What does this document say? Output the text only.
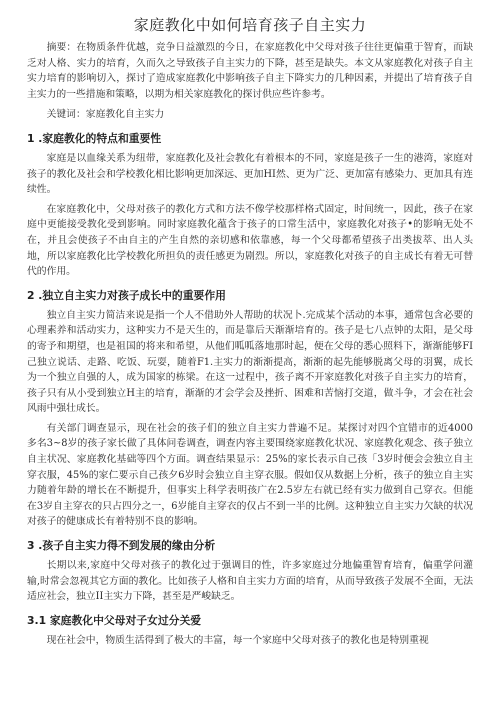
家庭教化中如何培育孩子自主实力

摘要：在物质条件优越，竞争日益激烈的今日，在家庭教化中父母对孩子往往更偏重于智育，而缺乏对人格、实力的培育，久而久之导致孩子自主实力的下降，甚至是缺失。本文从家庭教化对孩子自主实力培育的影响切入，探讨了造成家庭教化中影响孩子自主下降实力的几种因素，并提出了培育孩子自主实力的一些措施和策略，以期为相关家庭教化的探讨供应些许参考。

关键词：家庭教化自主实力

1 .家庭教化的特点和重要性

家庭是以血缘关系为纽带，家庭教化及社会教化有着根本的不同，家庭是孩子一生的港湾，家庭对孩子的教化及社会和学校教化相比影响更加深远、更加HI然、更为广泛、更加富有感染力、更加具有连续性。

在家庭教化中，父母对孩子的教化方式和方法不像学校那样格式固定，时间统一，因此，孩子在家庭中更能接受教化受到影响。同时家庭教化蕴含于孩子的口常生活中，家庭教化对孩子•的影响无处不在，并且会使孩子不由自主的产生自然的亲切感和依靠感，每一个父母都希望孩子出类拔萃、出人头地，所以家庭教化比学校教化所担负的责任感更为剧烈。所以，家庭教化对孩子的自主成长有着无可替代的作用。

2 .独立自主实力对孩子成长中的重要作用

独立自主实力简洁来说是指一个人不借助外人帮助的状况卜.完成某个活动的本事，通常包含必要的心理素养和活动实力，这种实力不是天生的，而是靠后天渐渐培育的。孩子是七八点钟的太阳，是父母的寄予和期望，也是祖国的将来和希望，从他们呱呱落地那时起，便在父母的悉心照料下，渐渐能够FI己独立说话、走路、吃饭、玩耍，随着F1.主实力的渐渐提高，渐渐的起先能够脱离父母的羽翼，成长为一个独立自强的人，成为国家的栋梁。在这一过程中，孩子离不开家庭教化对孩子自主实力的培育，孩子只有从小受到独立H主的培育，渐渐的才会学会及挫折、困难和苦恼打交道，做斗争，才会在社会风雨中强壮成长。

有关部门调查显示，现在社会的孩子们的独立自主实力普遍不足。某探讨对四个宜错市的近4000多名3~8岁的孩子家长做了具体问卷调查，调查内容主要围绕家庭教化状况、家庭教化观念、孩子独立自主状况、家庭教化基础等四个方面。调查结果显示：25%的家长表示自己孩「3岁时便会会独立自主穿衣服，45%的家仁要示自己孩夕6岁时会独立自主穿衣服。假如仅从数据上分析，孩子的独立自主实力随着年龄的增长在不断提升，但事实上科学表明孩广在2.5岁左右就已经有实力做到自己穿衣。但能在3岁自主穿衣的只占四分之一，6岁能自主穿衣的仅占不到一半的比例。这种独立自主实力欠缺的状况对孩子的健康成长有着特别不良的影响。

3 .孩子自主实力得不到发展的缘由分析

长期以来,家庭中父母对孩子的教化过于强调目的性，许多家庭过分地偏重智育培育，偏重学问灌输,时常会忽视其它方面的教化。比如孩子人格和自主实力方面的培育，从而导致孩子发展不全面，无法适应社会，独立II主实力下降，甚至是严峻缺乏。

3.1 家庭教化中父母对子女过分关爱

现在社会中，物质生活得到了极大的丰富，每一个家庭中父母对孩子的教化也是特别重视
